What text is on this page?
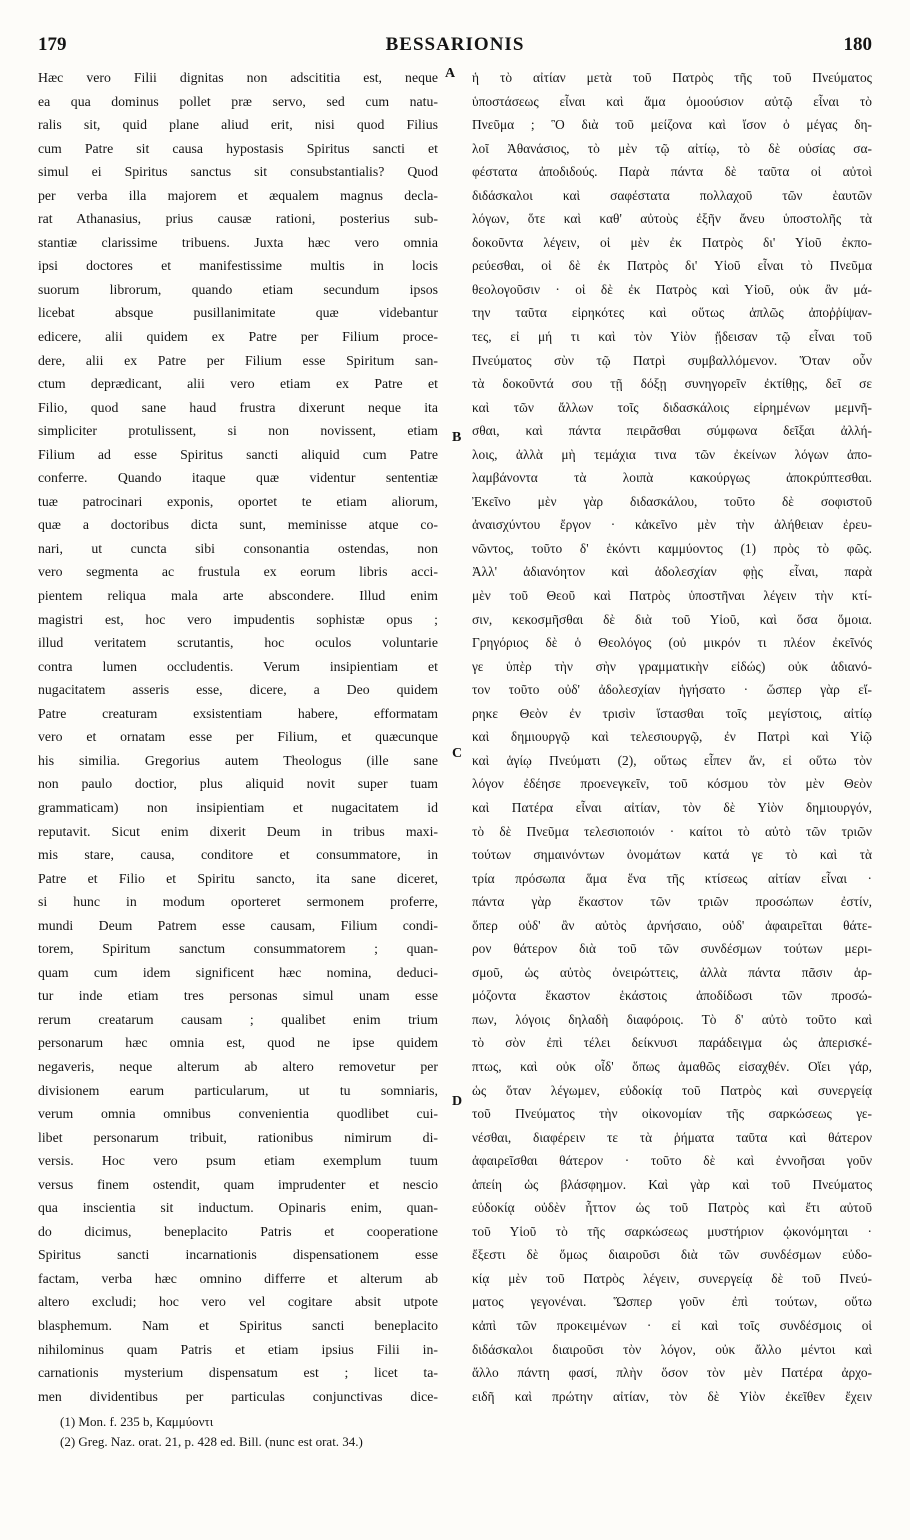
179	BESSARIONIS	180
Hæc vero Filii dignitas non adscititia est, neque
ea qua dominus pollet præ servo, sed cum natu-
ralis sit, quid plane aliud erit, nisi quod Filius
cum Patre sit causa hypostasis Spiritus sancti et
simul ei Spiritus sanctus sit consubstantialis? Quod
per verba illa majorem et æqualem magnus decla-
rat Athanasius, prius causæ rationi, posterius sub-
stantiæ clarissime tribuens. Juxta hæc vero omnia
ipsi doctores et manifestissime multis in locis
suorum librorum, quando etiam secundum ipsos
licebat absque pusillanimitate quæ videbantur
edicere, alii quidem ex Patre per Filium proce-
dere, alii ex Patre per Filium esse Spiritum san-
ctum deprædicant, alii vero etiam ex Patre et
Filio, quod sane haud frustra dixerunt neque ita
simpliciter protulissent, si non novissent, etiam
Filium ad esse Spiritus sancti aliquid cum Patre
conferre. Quando itaque quæ videntur sententiæ
tuæ patrocinari exponis, oportet te etiam aliorum,
quæ a doctoribus dicta sunt, meminisse atque co-
nari, ut cuncta sibi consonantia ostendas, non
vero segmenta ac frustula ex eorum libris acci-
pientem reliqua mala arte abscondere. Illud enim
magistri est, hoc vero impudentis sophistæ opus ;
illud veritatem scrutantis, hoc oculos voluntarie
contra lumen occludentis. Verum insipientiam et
nugacitatem asseris esse, dicere, a Deo quidem
Patre creaturam exsistentiam habere, efformatam
vero et ornatam esse per Filium, et quæcunque
his similia. Gregorius autem Theologus (ille sane
non paulo doctior, plus aliquid novit super tuam
grammaticam) non insipientiam et nugacitatem id
reputavit. Sicut enim dixerit Deum in tribus maxi-
mis stare, causa, conditore et consummatore, in
Patre et Filio et Spiritu sancto, ita sane diceret,
si hunc in modum oporteret sermonem proferre,
mundi Deum Patrem esse causam, Filium condi-
torem, Spiritum sanctum consummatorem ; quan-
quam cum idem significent hæc nomina, deduci-
tur inde etiam tres personas simul unam esse
rerum creatarum causam ; qualibet enim trium
personarum hæc omnia est, quod ne ipse quidem
negaveris, neque alterum ab altero removetur per
divisionem earum particularum, ut tu somniaris,
verum omnia omnibus convenientia quodlibet cui-
libet personarum tribuit, rationibus nimirum di-
versis. Hoc vero psum etiam exemplum tuum
versus finem ostendit, quam imprudenter et nescio
qua inscientia sit inductum. Opinaris enim, quan-
do dicimus, beneplacito Patris et cooperatione
Spiritus sancti incarnationis dispensationem esse
factam, verba hæc omnino differre et alterum ab
altero excludi; hoc vero vel cogitare absit utpote
blasphemum. Nam et Spiritus sancti beneplacito
nihilominus quam Patris et etiam ipsius Filii in-
carnationis mysterium dispensatum est ; licet ta-
men dividentibus per particulas conjunctivas dice-
ἡ τὸ αἰτίαν μετὰ τοῦ Πατρὸς τῆς τοῦ Πνεύματος
ὑποστάσεως εἶναι καὶ ἅμα ὁμοούσιον αὐτῷ εἶναι τὸ
Πνεῦμα ; Ὃ διὰ τοῦ μείζονα καὶ ἴσον ὁ μέγας δη-
λοῖ Ἀθανάσιος, τὸ μὲν τῷ αἰτίῳ, τὸ δὲ οὐσίας σα-
φέστατα ἀποδιδούς. Παρὰ πάντα δὲ ταῦτα οἱ αὐτοὶ
διδάσκαλοι καὶ σαφέστατα πολλαχοῦ τῶν ἑαυτῶν
λόγων, ὅτε καὶ καθ' αὐτοὺς ἐξῆν ἄνευ ὑποστολῆς τὰ
δοκοῦντα λέγειν, οἱ μὲν ἐκ Πατρὸς δι' Υἱοῦ ἐκπο-
ρεύεσθαι, οἱ δὲ ἐκ Πατρὸς δι' Υἱοῦ εἶναι τὸ Πνεῦμα
θεολογοῦσιν · οἱ δὲ ἐκ Πατρὸς καὶ Υἱοῦ, οὐκ ἂν μά-
την ταῦτα εἰρηκότες καὶ οὕτως ἁπλῶς ἀποῤῥίψαν-
τες, εἰ μή τι καὶ τὸν Υἱὸν ᾔδεισαν τῷ εἶναι τοῦ
Πνεύματος σὺν τῷ Πατρὶ συμβαλλόμενον. Ὅταν οὖν
τὰ δοκοῦντά σου τῇ δόξῃ συνηγορεῖν ἐκτίθῃς, δεῖ σε
καὶ τῶν ἄλλων τοῖς διδασκάλοις εἰρημένων μεμνῆ-
σθαι, καὶ πάντα πειρᾶσθαι σύμφωνα δεῖξαι ἀλλή-
λοις, ἀλλὰ μὴ τεμάχια τινα τῶν ἐκείνων λόγων ἀπο-
λαμβάνοντα τὰ λοιπὰ κακούργως ἀποκρύπτεσθαι.
Ἐκεῖνο μὲν γὰρ διδασκάλου, τοῦτο δὲ σοφιστοῦ
ἀναισχύντου ἔργον · κἀκεῖνο μὲν τὴν ἀλήθειαν ἐρευ-
νῶντος, τοῦτο δ' ἑκόντι καμμύοντος (1) πρὸς τὸ φῶς.
Ἀλλ' ἀδιανόητον καὶ ἀδολεσχίαν φῂς εἶναι, παρὰ
μὲν τοῦ Θεοῦ καὶ Πατρὸς ὑποστῆναι λέγειν τὴν κτί-
σιν, κεκοσμῆσθαι δὲ διὰ τοῦ Υἱοῦ, καὶ ὅσα ὅμοια.
Γρηγόριος δὲ ὁ Θεολόγος (οὐ μικρόν τι πλέον ἐκεῖνός
γε ὑπὲρ τὴν σὴν γραμματικὴν εἰδώς) οὐκ ἀδιανό-
τον τοῦτο οὐδ' ἀδολεσχίαν ἡγήσατο · ὥσπερ γὰρ εἴ-
ρηκε Θεὸν ἐν τρισὶν ἵστασθαι τοῖς μεγίστοις, αἰτίῳ
καὶ δημιουργῷ καὶ τελεσιουργῷ, ἐν Πατρὶ καὶ Υἱῷ
καὶ ἁγίῳ Πνεύματι (2), οὕτως εἶπεν ἄν, εἰ οὕτω τὸν
λόγον ἐδέησε προενεγκεῖν, τοῦ κόσμου τὸν μὲν Θεὸν
καὶ Πατέρα εἶναι αἰτίαν, τὸν δὲ Υἱὸν δημιουργόν,
τὸ δὲ Πνεῦμα τελεσιοποιόν · καίτοι τὸ αὐτὸ τῶν τριῶν
τούτων σημαινόντων ὀνομάτων κατά γε τὸ καὶ τὰ
τρία πρόσωπα ἅμα ἕνα τῆς κτίσεως αἰτίαν εἶναι ·
πάντα γὰρ ἕκαστον τῶν τριῶν προσώπων ἐστίν,
ὅπερ οὐδ' ἂν αὐτὸς ἀρνήσαιο, οὐδ' ἀφαιρεῖται θάτε-
ρον θάτερον διὰ τοῦ τῶν συνδέσμων τούτων μερι-
σμοῦ, ὡς αὐτὸς ὀνειρώττεις, ἀλλὰ πάντα πᾶσιν ἁρ-
μόζοντα ἕκαστον ἑκάστοις ἀποδίδωσι τῶν προσώ-
πων, λόγοις δηλαδὴ διαφόροις. Τὸ δ' αὐτὸ τοῦτο καὶ
τὸ σὸν ἐπὶ τέλει δείκνυσι παράδειγμα ὡς ἀπερισκέ-
πτως, καὶ οὐκ οἶδ' ὅπως ἀμαθῶς εἰσαχθέν. Οἴει γάρ,
ὡς ὅταν λέγωμεν, εὐδοκίᾳ τοῦ Πατρὸς καὶ συνεργείᾳ
τοῦ Πνεύματος τὴν οἰκονομίαν τῆς σαρκώσεως γε-
νέσθαι, διαφέρειν τε τὰ ῥήματα ταῦτα καὶ θάτερον
ἀφαιρεῖσθαι θάτερον · τοῦτο δὲ καὶ ἐννοῆσαι γοῦν
ἀπείη ὡς βλάσφημον. Καὶ γὰρ καὶ τοῦ Πνεύματος
εὐδοκίᾳ οὐδὲν ἧττον ὡς τοῦ Πατρὸς καὶ ἔτι αὐτοῦ
τοῦ Υἱοῦ τὸ τῆς σαρκώσεως μυστήριον ᾠκονόμηται ·
ἔξεστι δὲ ὅμως διαιροῦσι διὰ τῶν συνδέσμων εὐδο-
κίᾳ μὲν τοῦ Πατρὸς λέγειν, συνεργείᾳ δὲ τοῦ Πνεύ-
ματος γεγονέναι. Ὥσπερ γοῦν ἐπὶ τούτων, οὕτω
κἀπὶ τῶν προκειμένων · εἰ καὶ τοῖς συνδέσμοις οἱ
διδάσκαλοι διαιροῦσι τὸν λόγον, οὐκ ἄλλο μέντοι καὶ
ἄλλο πάντη φασί, πλὴν ὅσον τὸν μὲν Πατέρα ἀρχο-
ειδῆ καὶ πρώτην αἰτίαν, τὸν δὲ Υἱὸν ἐκεῖθεν ἔχειν
A
B
C
D
(1) Mon. f. 235 b, Καμμύοντι
(2) Greg. Naz. orat. 21, p. 428 ed. Bill. (nunc est orat. 34.)
